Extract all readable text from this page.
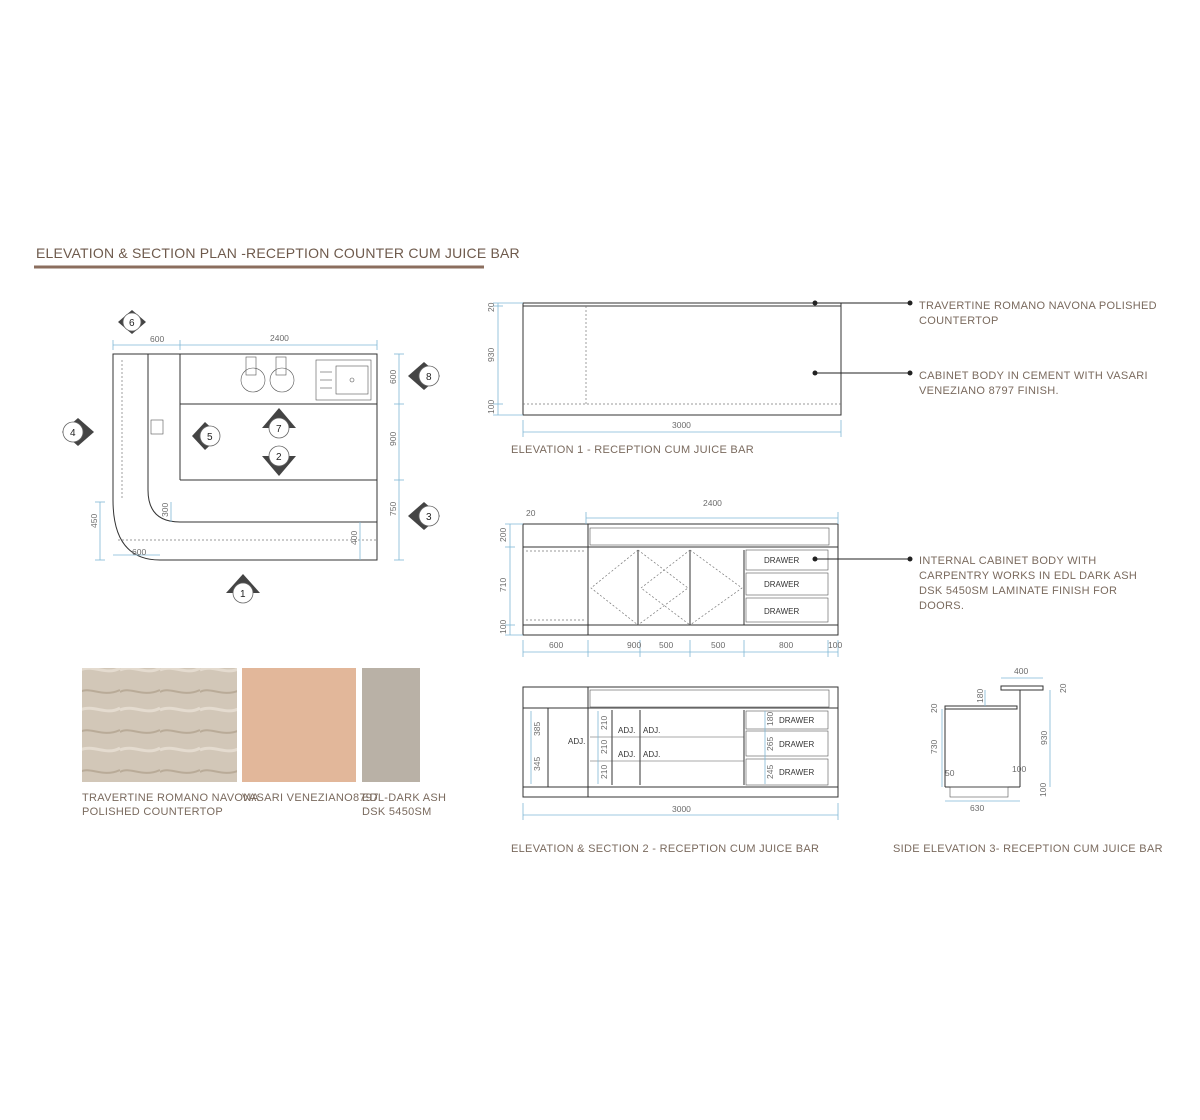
ELEVATION & SECTION PLAN -RECEPTION COUNTER CUM JUICE BAR
2400
600
600
900
750
450
300
400
600
6
4	5
7
2
8
3
1
TRAVERTINE ROMANO NAVONA
POLISHED COUNTERTOP
VASARI VENEZIANO8797
EDL-DARK ASH
DSK 5450SM
20
930
100
3000
ELEVATION 1 - RECEPTION CUM JUICE BAR
TRAVERTINE ROMANO NAVONA POLISHED
COUNTERTOP
CABINET BODY IN CEMENT WITH VASARI
VENEZIANO 8797 FINISH.
DRAWER
DRAWER
DRAWER
2400
20
200
710
100
600	900 500	500	800	100
INTERNAL CABINET BODY WITH
CARPENTRY WORKS IN EDL DARK ASH
DSK 5450SM LAMINATE FINISH FOR
DOORS.
ADJ.
ADJ. ADJ.
ADJ. ADJ.
DRAWER
DRAWER
DRAWER
385
345
210
210
210
180
265
245
3000
ELEVATION & SECTION 2 - RECEPTION CUM JUICE BAR
400
180
20
20
730
930
50	100
100
630
SIDE ELEVATION 3- RECEPTION CUM JUICE BAR
